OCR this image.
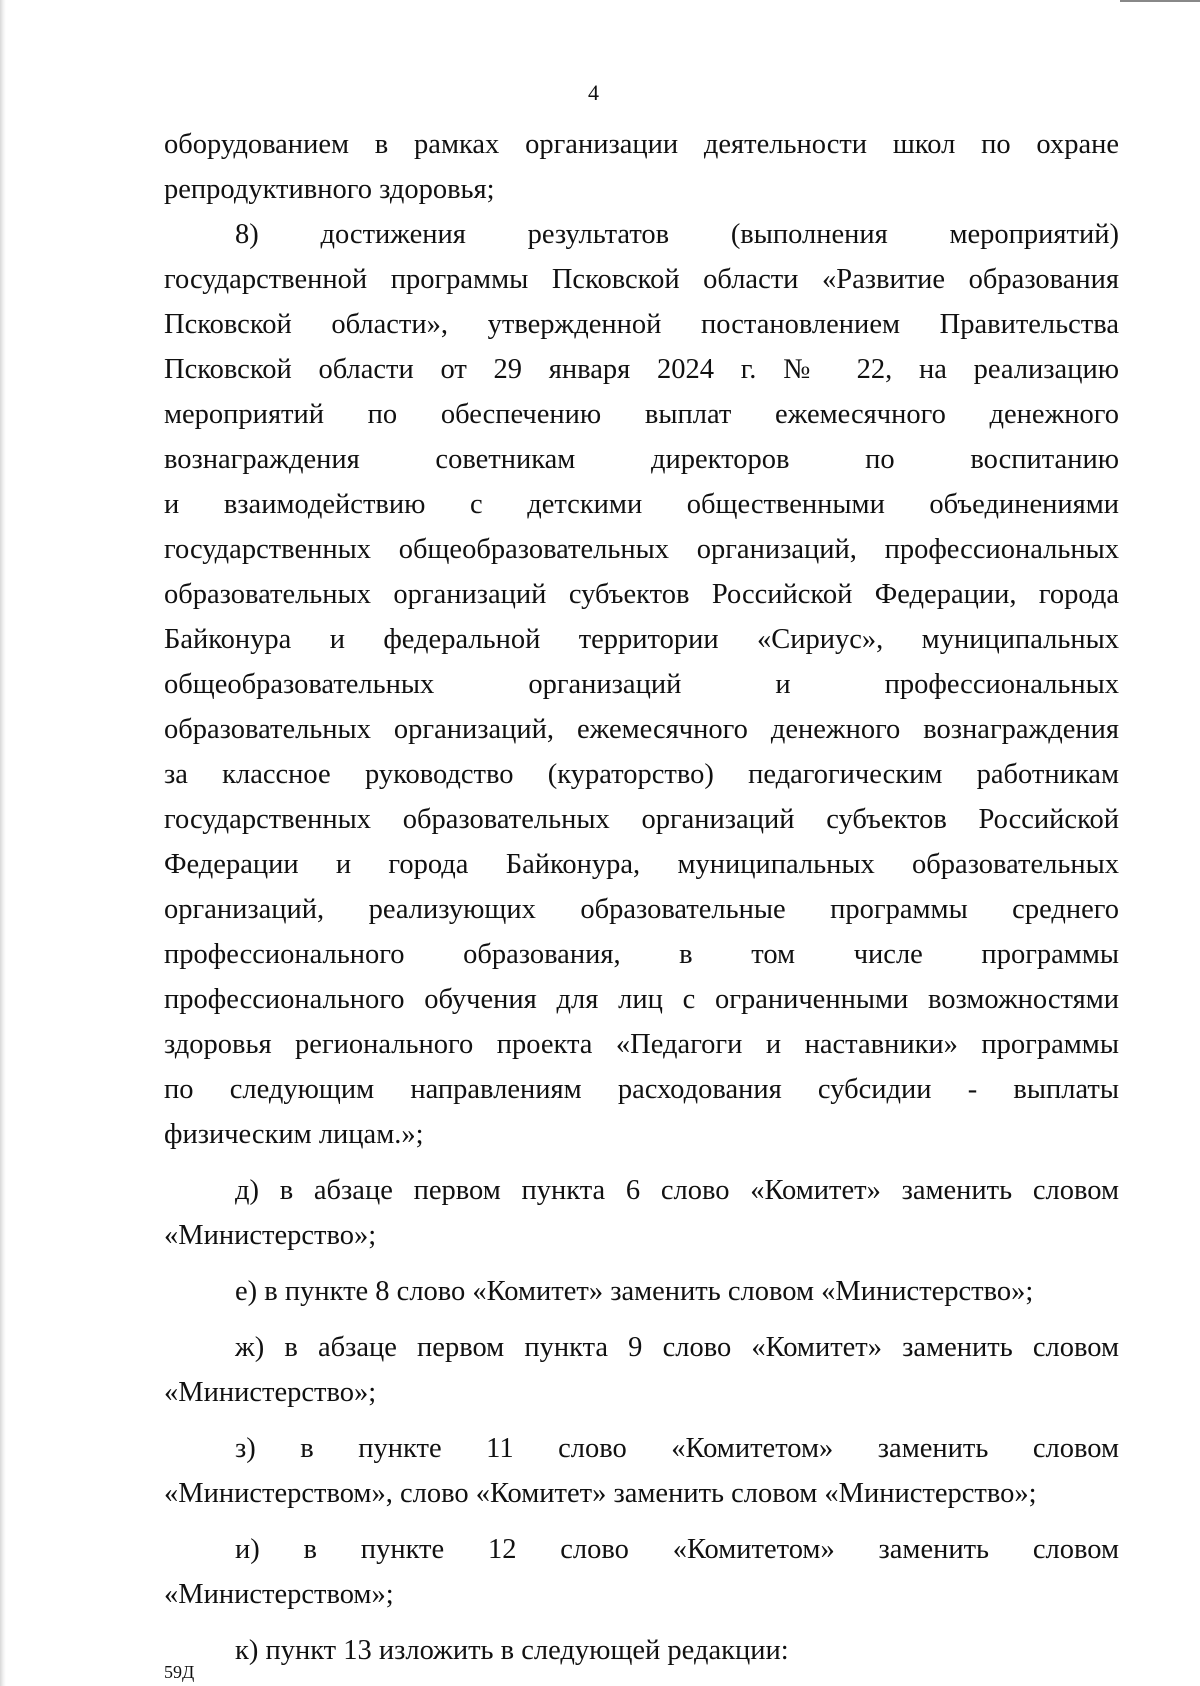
4
оборудованием в рамках организации деятельности школ по охране
репродуктивного здоровья;
8) достижения результатов (выполнения мероприятий)
государственной программы Псковской области «Развитие образования
Псковской области», утвержденной постановлением Правительства
Псковской области от 29 января 2024 г. № 22, на реализацию
мероприятий по обеспечению выплат ежемесячного денежного
вознаграждения советникам директоров по воспитанию
и взаимодействию с детскими общественными объединениями
государственных общеобразовательных организаций, профессиональных
образовательных организаций субъектов Российской Федерации, города
Байконура и федеральной территории «Сириус», муниципальных
общеобразовательных организаций и профессиональных
образовательных организаций, ежемесячного денежного вознаграждения
за классное руководство (кураторство) педагогическим работникам
государственных образовательных организаций субъектов Российской
Федерации и города Байконура, муниципальных образовательных
организаций, реализующих образовательные программы среднего
профессионального образования, в том числе программы
профессионального обучения для лиц с ограниченными возможностями
здоровья регионального проекта «Педагоги и наставники» программы
по следующим направлениям расходования субсидии - выплаты
физическим лицам.»;
д) в абзаце первом пункта 6 слово «Комитет» заменить словом
«Министерство»;
е) в пункте 8 слово «Комитет» заменить словом «Министерство»;
ж) в абзаце первом пункта 9 слово «Комитет» заменить словом
«Министерство»;
з) в пункте 11 слово «Комитетом» заменить словом
«Министерством», слово «Комитет» заменить словом «Министерство»;
и) в пункте 12 слово «Комитетом» заменить словом
«Министерством»;
к) пункт 13 изложить в следующей редакции:
59Д
